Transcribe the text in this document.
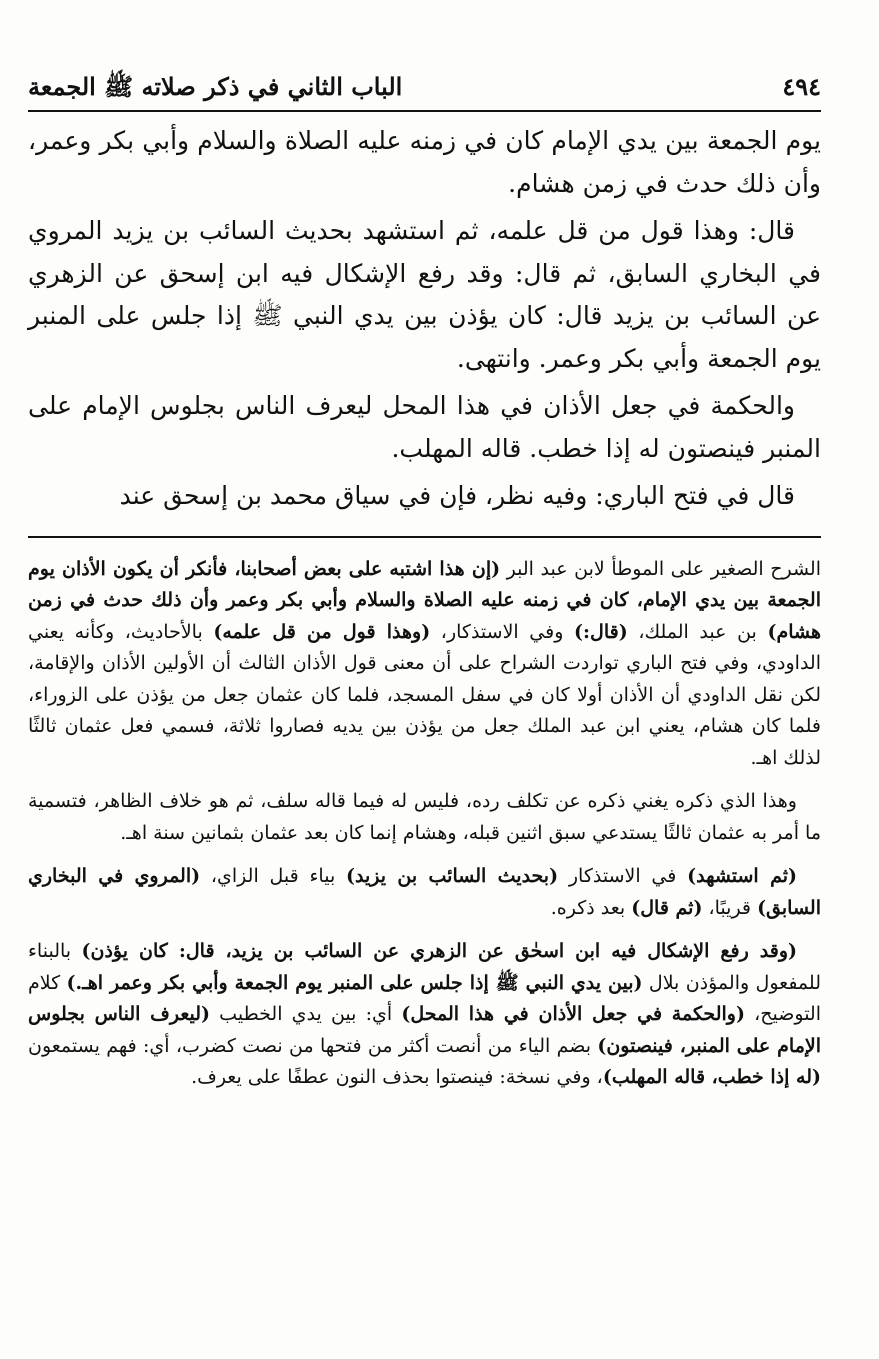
٤٩٤
الباب الثاني في ذكر صلاته ﷺ الجمعة

يوم الجمعة بين يدي الإمام كان في زمنه عليه الصلاة والسلام وأبي بكر وعمر، وأن ذلك حدث في زمن هشام.

قال: وهذا قول من قل علمه، ثم استشهد بحديث السائب بن يزيد المروي في البخاري السابق، ثم قال: وقد رفع الإشكال فيه ابن إسحق عن الزهري عن السائب بن يزيد قال: كان يؤذن بين يدي النبي ﷺ إذا جلس على المنبر يوم الجمعة وأبي بكر وعمر. وانتهى.

والحكمة في جعل الأذان في هذا المحل ليعرف الناس بجلوس الإمام على المنبر فينصتون له إذا خطب. قاله المهلب.

قال في فتح الباري: وفيه نظر، فإن في سياق محمد بن إسحق عند

الشرح الصغير على الموطأ لابن عبد البر (إن هذا اشتبه على بعض أصحابنا، فأنكر أن يكون الأذان يوم الجمعة بين يدي الإمام، كان في زمنه عليه الصلاة والسلام وأبي بكر وعمر وأن ذلك حدث في زمن هشام) بن عبد الملك، (قال:) وفي الاستذكار، (وهذا قول من قل علمه) بالأحاديث، وكأنه يعني الداودي، وفي فتح الباري تواردت الشراح على أن معنى قول الأذان الثالث أن الأولين الأذان والإقامة، لكن نقل الداودي أن الأذان أولا كان في سفل المسجد، فلما كان عثمان جعل من يؤذن على الزوراء، فلما كان هشام، يعني ابن عبد الملك جعل من يؤذن بين يديه فصاروا ثلاثة، فسمي فعل عثمان ثالثًا لذلك اهـ.

وهذا الذي ذكره يغني ذكره عن تكلف رده، فليس له فيما قاله سلف، ثم هو خلاف الظاهر، فتسمية ما أمر به عثمان ثالثًا يستدعي سبق اثنين قبله، وهشام إنما كان بعد عثمان بثمانين سنة اهـ.

(ثم استشهد) في الاستذكار (بحديث السائب بن يزيد) بياء قبل الزاي، (المروي في البخاري السابق) قريبًا، (ثم قال) بعد ذكره.

(وقد رفع الإشكال فيه ابن اسحٰق عن الزهري عن السائب بن يزيد، قال: كان يؤذن) بالبناء للمفعول والمؤذن بلال (بين يدي النبي ﷺ إذا جلس على المنبر يوم الجمعة وأبي بكر وعمر اهـ.) كلام التوضيح، (والحكمة في جعل الأذان في هذا المحل) أي: بين يدي الخطيب (ليعرف الناس بجلوس الإمام على المنبر، فينصتون) بضم الياء من أنصت أكثر من فتحها من نصت كضرب، أي: فهم يستمعون (له إذا خطب، قاله المهلب)، وفي نسخة: فينصتوا بحذف النون عطفًا على يعرف.
